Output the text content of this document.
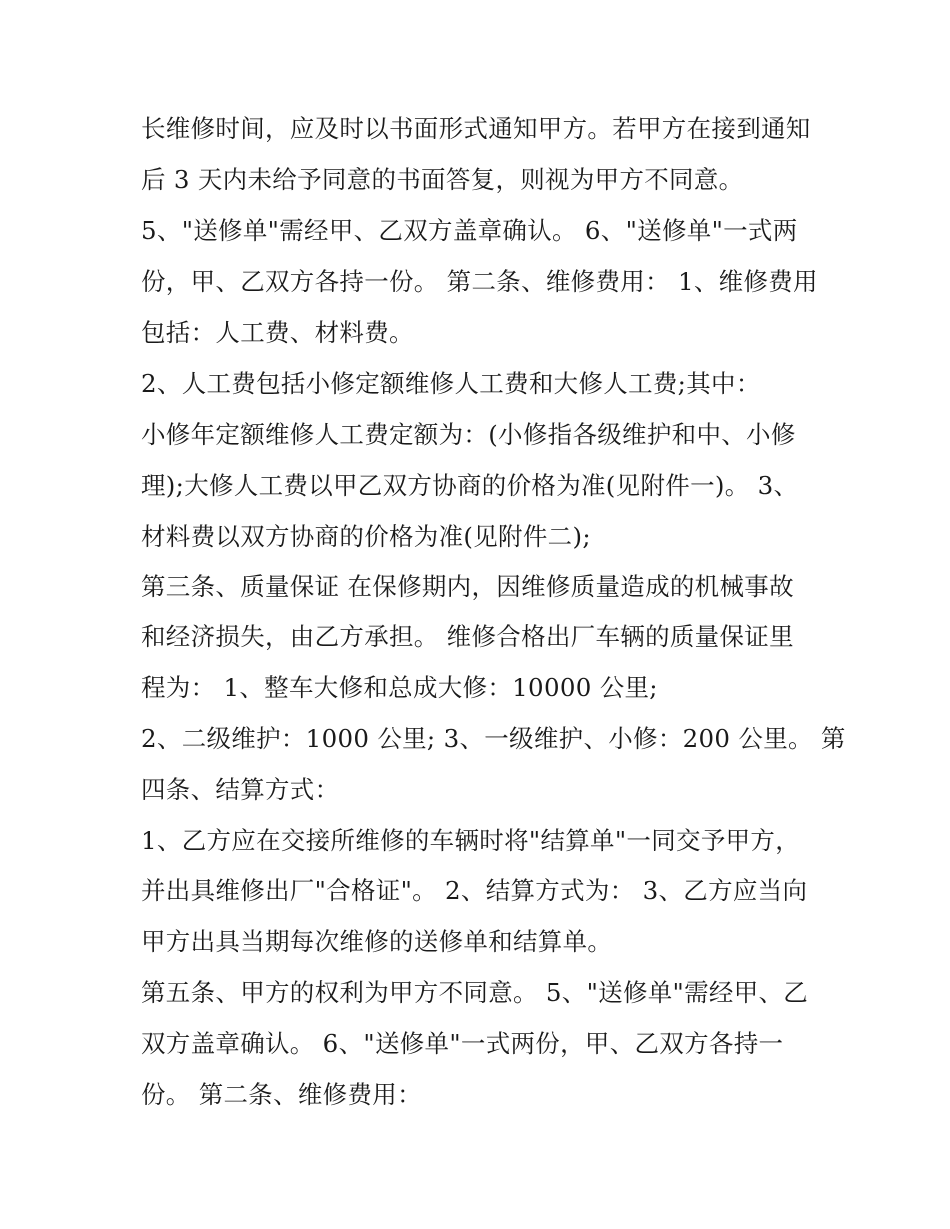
长维修时间，应及时以书面形式通知甲方。若甲方在接到通知
后 3 天内未给予同意的书面答复，则视为甲方不同意。
5、"送修单"需经甲、乙双方盖章确认。 6、"送修单"一式两
份，甲、乙双方各持一份。 第二条、维修费用： 1、维修费用
包括：人工费、材料费。
2、人工费包括小修定额维修人工费和大修人工费;其中：
小修年定额维修人工费定额为：(小修指各级维护和中、小修
理);大修人工费以甲乙双方协商的价格为准(见附件一)。 3、
材料费以双方协商的价格为准(见附件二);
第三条、质量保证 在保修期内，因维修质量造成的机械事故
和经济损失，由乙方承担。 维修合格出厂车辆的质量保证里
程为： 1、整车大修和总成大修：10000 公里;
2、二级维护：1000 公里; 3、一级维护、小修：200 公里。 第
四条、结算方式：
1、乙方应在交接所维修的车辆时将"结算单"一同交予甲方，
并出具维修出厂"合格证"。 2、结算方式为： 3、乙方应当向
甲方出具当期每次维修的送修单和结算单。
第五条、甲方的权利为甲方不同意。 5、"送修单"需经甲、乙
双方盖章确认。 6、"送修单"一式两份，甲、乙双方各持一
份。 第二条、维修费用：
